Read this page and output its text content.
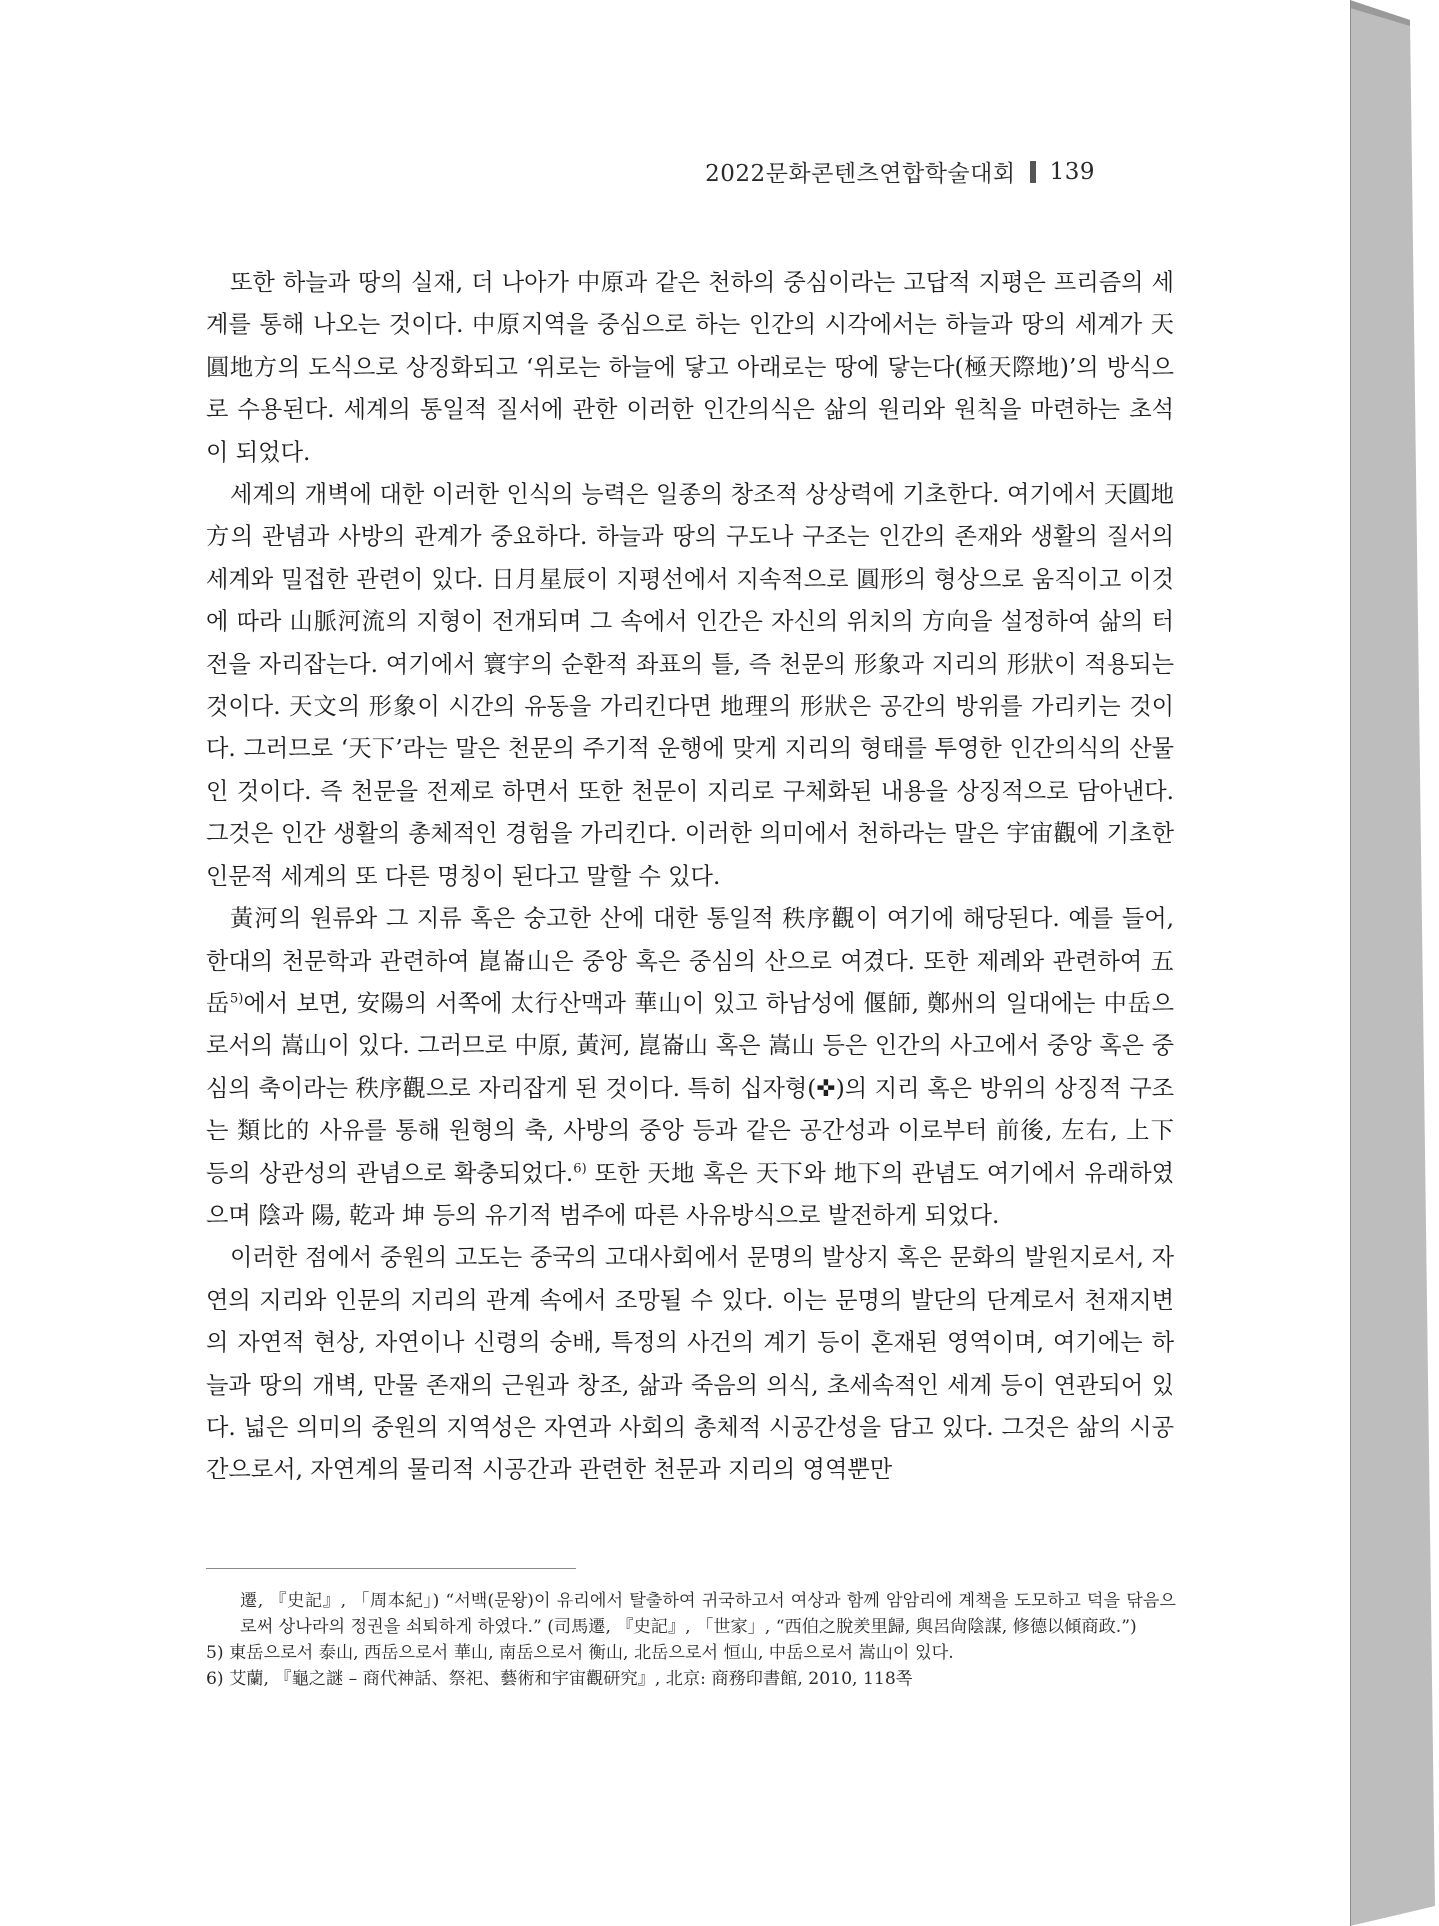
2022문화콘텐츠연합학술대회 139

또한 하늘과 땅의 실재, 더 나아가 中原과 같은 천하의 중심이라는 고답적 지평은 프리즘의 세계를 통해 나오는 것이다. 中原지역을 중심으로 하는 인간의 시각에서는 하늘과 땅의 세계가 天圓地方의 도식으로 상징화되고 ‘위로는 하늘에 닿고 아래로는 땅에 닿는다(極天際地)’의 방식으로 수용된다. 세계의 통일적 질서에 관한 이러한 인간의식은 삶의 원리와 원칙을 마련하는 초석이 되었다.

세계의 개벽에 대한 이러한 인식의 능력은 일종의 창조적 상상력에 기초한다. 여기에서 天圓地方의 관념과 사방의 관계가 중요하다. 하늘과 땅의 구도나 구조는 인간의 존재와 생활의 질서의 세계와 밀접한 관련이 있다. 日月星辰이 지평선에서 지속적으로 圓形의 형상으로 움직이고 이것에 따라 山脈河流의 지형이 전개되며 그 속에서 인간은 자신의 위치의 方向을 설정하여 삶의 터전을 자리잡는다. 여기에서 寰宇의 순환적 좌표의 틀, 즉 천문의 形象과 지리의 形狀이 적용되는 것이다. 天文의 形象이 시간의 유동을 가리킨다면 地理의 形狀은 공간의 방위를 가리키는 것이다. 그러므로 ‘天下’라는 말은 천문의 주기적 운행에 맞게 지리의 형태를 투영한 인간의식의 산물인 것이다. 즉 천문을 전제로 하면서 또한 천문이 지리로 구체화된 내용을 상징적으로 담아낸다. 그것은 인간 생활의 총체적인 경험을 가리킨다. 이러한 의미에서 천하라는 말은 宇宙觀에 기초한 인문적 세계의 또 다른 명칭이 된다고 말할 수 있다.

黃河의 원류와 그 지류 혹은 숭고한 산에 대한 통일적 秩序觀이 여기에 해당된다. 예를 들어, 한대의 천문학과 관련하여 崑崙山은 중앙 혹은 중심의 산으로 여겼다. 또한 제례와 관련하여 五岳$^{5)}$에서 보면, 安陽의 서쪽에 太行산맥과 華山이 있고 하남성에 偃師, 鄭州의 일대에는 中岳으로서의 嵩山이 있다. 그러므로 中原, 黃河, 崑崙山 혹은 嵩山 등은 인간의 사고에서 중앙 혹은 중심의 축이라는 秩序觀으로 자리잡게 된 것이다. 특히 십자형(✜)의 지리 혹은 방위의 상징적 구조는 類比的 사유를 통해 원형의 축, 사방의 중앙 등과 같은 공간성과 이로부터 前後, 左右, 上下 등의 상관성의 관념으로 확충되었다.$^{6)}$ 또한 天地 혹은 天下와 地下의 관념도 여기에서 유래하였으며 陰과 陽, 乾과 坤 등의 유기적 범주에 따른 사유방식으로 발전하게 되었다.

이러한 점에서 중원의 고도는 중국의 고대사회에서 문명의 발상지 혹은 문화의 발원지로서, 자연의 지리와 인문의 지리의 관계 속에서 조망될 수 있다. 이는 문명의 발단의 단계로서 천재지변의 자연적 현상, 자연이나 신령의 숭배, 특정의 사건의 계기 등이 혼재된 영역이며, 여기에는 하늘과 땅의 개벽, 만물 존재의 근원과 창조, 삶과 죽음의 의식, 초세속적인 세계 등이 연관되어 있다. 넓은 의미의 중원의 지역성은 자연과 사회의 총체적 시공간성을 담고 있다. 그것은 삶의 시공간으로서, 자연계의 물리적 시공간과 관련한 천문과 지리의 영역뿐만

遷, 『史記』, 「周本紀」) “서백(문왕)이 유리에서 탈출하여 귀국하고서 여상과 함께 암암리에 계책을 도모하고 덕을 닦음으로써 상나라의 정권을 쇠퇴하게 하였다.” (司馬遷, 『史記』, 「世家」, “西伯之脫羑里歸, 與呂尙陰謀, 修德以傾商政.”)

5) 東岳으로서 泰山, 西岳으로서 華山, 南岳으로서 衡山, 北岳으로서 恒山, 中岳으로서 嵩山이 있다.

6) 艾蘭, 『龜之謎 – 商代神話、祭祀、藝術和宇宙觀研究』, 北京: 商務印書館, 2010, 118쪽
